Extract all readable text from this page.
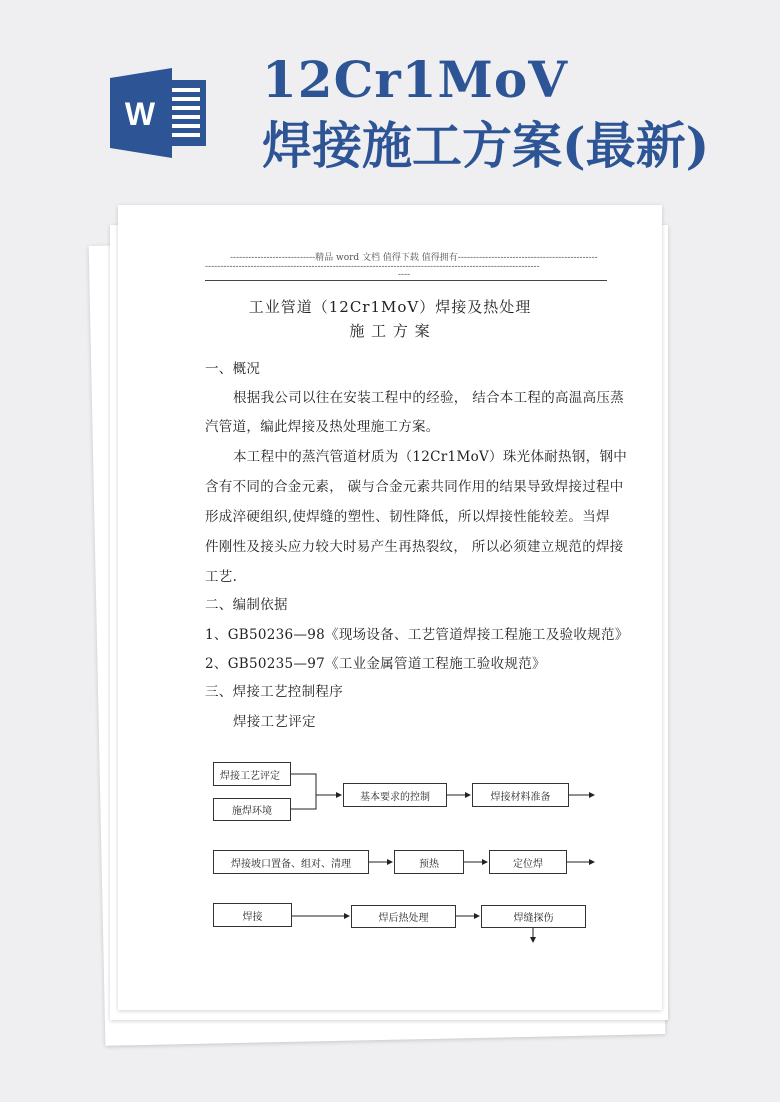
W
12Cr1MoV
焊接施工方案(最新)
----------------------------精品 word 文档 值得下载 值得拥有----------------------------------------------
--------------------------------------------------------------------------------------------------------------
----
工业管道（12Cr1MoV）焊接及热处理
施 工 方 案
一、概况
根据我公司以往在安装工程中的经验， 结合本工程的高温高压蒸
汽管道，编此焊接及热处理施工方案。
本工程中的蒸汽管道材质为（12Cr1MoV）珠光体耐热钢，钢中
含有不同的合金元素， 碳与合金元素共同作用的结果导致焊接过程中
形成淬硬组织,使焊缝的塑性、韧性降低，所以焊接性能较差。当焊
件刚性及接头应力较大时易产生再热裂纹， 所以必须建立规范的焊接
工艺.
二、编制依据
1、GB50236—98《现场设备、工艺管道焊接工程施工及验收规范》
2、GB50235—97《工业金属管道工程施工验收规范》
三、焊接工艺控制程序
焊接工艺评定
焊接工艺评定
施焊环境
基本要求的控制	焊接材料准备
焊接坡口置备、组对、清理	预热	定位焊
焊接	焊后热处理	焊缝探伤
